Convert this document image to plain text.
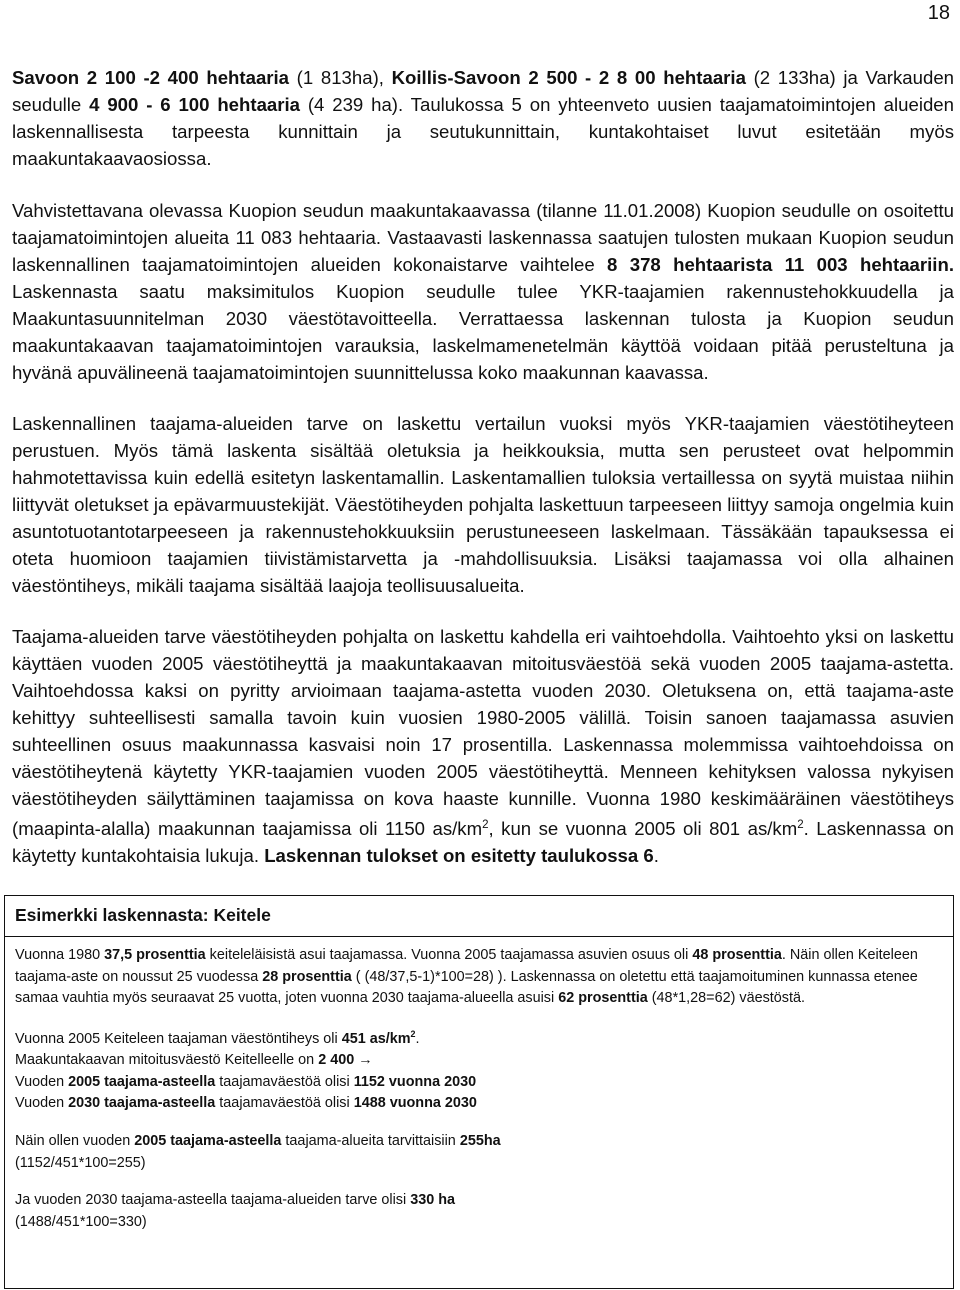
18

Savoon 2 100 -2 400 hehtaaria (1 813ha), Koillis-Savoon 2 500 - 2 8 00 hehtaaria (2 133ha) ja Varkauden seudulle 4 900 - 6 100 hehtaaria (4 239 ha). Taulukossa 5 on yhteenveto uusien taajamatoimintojen alueiden laskennallisesta tarpeesta kunnittain ja seutukunnittain, kuntakohtaiset luvut esitetään myös maakuntakaavaosiossa.

Vahvistettavana olevassa Kuopion seudun maakuntakaavassa (tilanne 11.01.2008) Kuopion seudulle on osoitettu taajamatoimintojen alueita 11 083 hehtaaria. Vastaavasti laskennassa saatujen tulosten mukaan Kuopion seudun laskennallinen taajamatoimintojen alueiden kokonaistarve vaihtelee 8 378 hehtaarista 11 003 hehtaariin. Laskennasta saatu maksimitulos Kuopion seudulle tulee YKR-taajamien rakennustehokkuudella ja Maakuntasuunnitelman 2030 väestötavoitteella. Verrattaessa laskennan tulosta ja Kuopion seudun maakuntakaavan taajamatoimintojen varauksia, laskelmamenetelmän käyttöä voidaan pitää perusteltuna ja hyvänä apuvälineenä taajamatoimintojen suunnittelussa koko maakunnan kaavassa.

Laskennallinen taajama-alueiden tarve on laskettu vertailun vuoksi myös YKR-taajamien väestötiheyteen perustuen. Myös tämä laskenta sisältää oletuksia ja heikkouksia, mutta sen perusteet ovat helpommin hahmotettavissa kuin edellä esitetyn laskentamallin. Laskentamallien tuloksia vertaillessa on syytä muistaa niihin liittyvät oletukset ja epävarmuustekijät. Väestötiheyden pohjalta laskettuun tarpeeseen liittyy samoja ongelmia kuin asuntotuotantotarpeeseen ja rakennustehokkuuksiin perustuneeseen laskelmaan. Tässäkään tapauksessa ei oteta huomioon taajamien tiivistämistarvetta ja -mahdollisuuksia. Lisäksi taajamassa voi olla alhainen väestöntiheys, mikäli taajama sisältää laajoja teollisuusalueita.

Taajama-alueiden tarve väestötiheyden pohjalta on laskettu kahdella eri vaihtoehdolla. Vaihtoehto yksi on laskettu käyttäen vuoden 2005 väestötiheyttä ja maakuntakaavan mitoitusväestöä sekä vuoden 2005 taajama-astetta. Vaihtoehdossa kaksi on pyritty arvioimaan taajama-astetta vuoden 2030. Oletuksena on, että taajama-aste kehittyy suhteellisesti samalla tavoin kuin vuosien 1980-2005 välillä. Toisin sanoen taajamassa asuvien suhteellinen osuus maakunnassa kasvaisi noin 17 prosentilla. Laskennassa molemmissa vaihtoehdoissa on väestötiheytenä käytetty YKR-taajamien vuoden 2005 väestötiheyttä. Menneen kehityksen valossa nykyisen väestötiheyden säilyttäminen taajamissa on kova haaste kunnille. Vuonna 1980 keskimääräinen väestötiheys (maapinta-alalla) maakunnan taajamissa oli 1150 $as/km^2$, kun se vuonna 2005 oli 801 $as/km^2$. Laskennassa on käytetty kuntakohtaisia lukuja. Laskennan tulokset on esitetty taulukossa 6.

Esimerkki laskennasta: Keitele

Vuonna 1980 37,5 prosenttia keiteleläisistä asui taajamassa. Vuonna 2005 taajamassa asuvien osuus oli 48 prosenttia. Näin ollen Keiteleen taajama-aste on noussut 25 vuodessa 28 prosenttia ( (48/37,5-1)*100=28) ). Laskennassa on oletettu että taajamoituminen kunnassa etenee samaa vauhtia myös seuraavat 25 vuotta, joten vuonna 2030 taajama-alueella asuisi 62 prosenttia (48*1,28=62) väestöstä.

Vuonna 2005 Keiteleen taajaman väestöntiheys oli 451 $as/km^2$.
Maakuntakaavan mitoitusväestö Keitelleelle on 2 400 →
Vuoden 2005 taajama-asteella taajamaväestöä olisi 1152 vuonna 2030
Vuoden 2030 taajama-asteella taajamaväestöä olisi 1488 vuonna 2030

Näin ollen vuoden 2005 taajama-asteella taajama-alueita tarvittaisiin 255ha
(1152/451*100=255)

Ja vuoden 2030 taajama-asteella taajama-alueiden tarve olisi 330 ha
(1488/451*100=330)
